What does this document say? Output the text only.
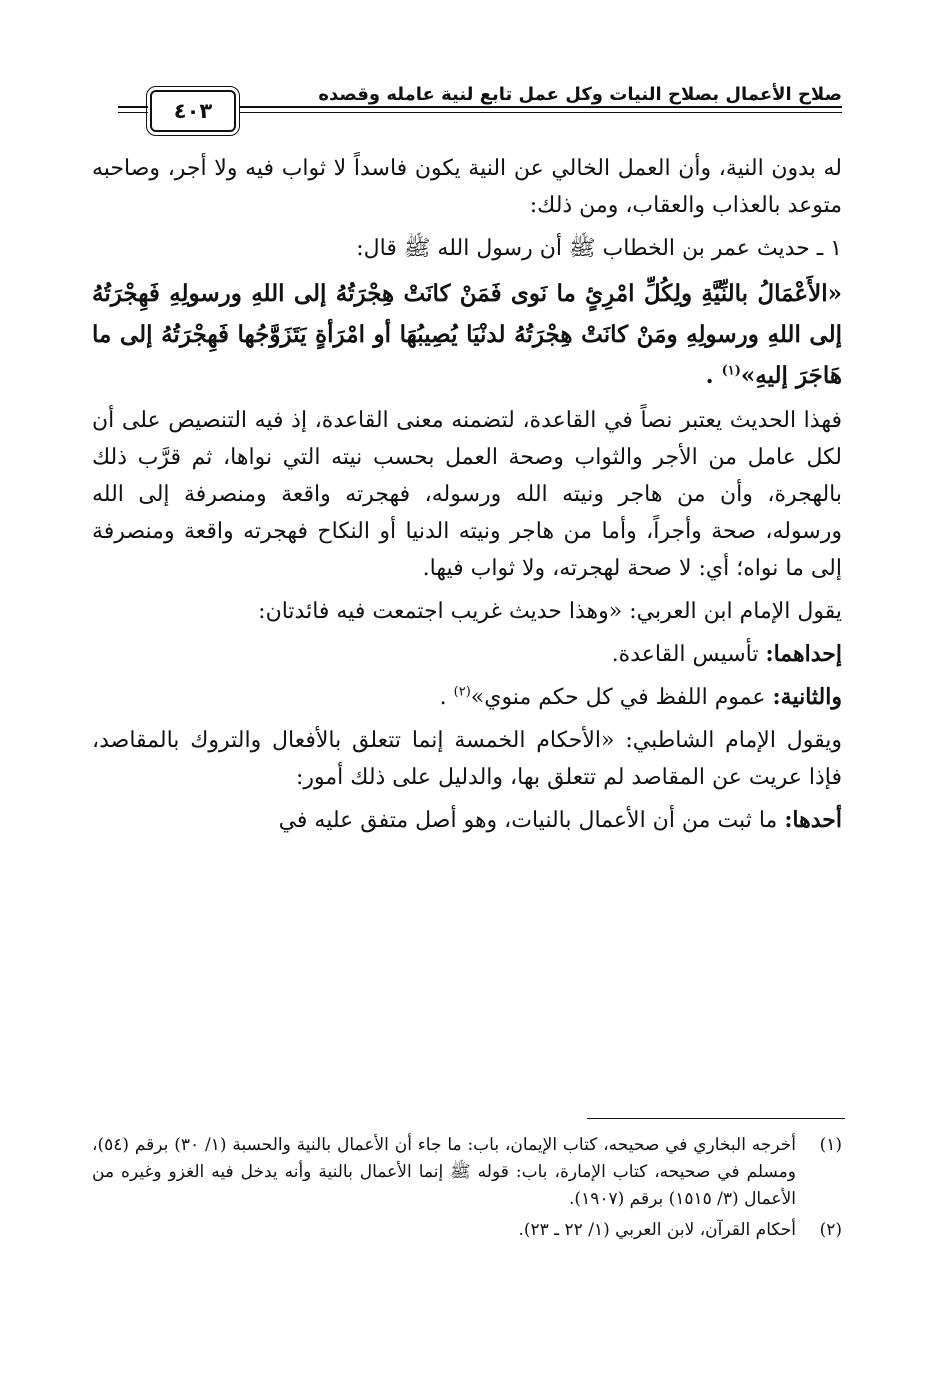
صلاح الأعمال بصلاح النيات وكل عمل تابع لنية عامله وقصده
٤٠٣

له بدون النية، وأن العمل الخالي عن النية يكون فاسداً لا ثواب فيه ولا أجر، وصاحبه متوعد بالعذاب والعقاب، ومن ذلك:

١ ـ حديث عمر بن الخطاب ﷺ أن رسول الله ﷺ قال:

«الأَعْمَالُ بالنِّيَّةِ ولِكُلِّ امْرِئٍ ما نَوى فَمَنْ كانَتْ هِجْرَتُهُ إلى اللهِ ورسولِهِ فَهِجْرَتُهُ إلى اللهِ ورسولِهِ ومَنْ كانَتْ هِجْرَتُهُ لدنْيَا يُصِيبُهَا أو امْرَأةٍ يَتَزَوَّجُها فَهِجْرَتُهُ إلى ما هَاجَرَ إليهِ»$^{(١)}$ .

فهذا الحديث يعتبر نصاً في القاعدة، لتضمنه معنى القاعدة، إذ فيه التنصيص على أن لكل عامل من الأجر والثواب وصحة العمل بحسب نيته التي نواها، ثم قرَّب ذلك بالهجرة، وأن من هاجر ونيته الله ورسوله، فهجرته واقعة ومنصرفة إلى الله ورسوله، صحة وأجراً، وأما من هاجر ونيته الدنيا أو النكاح فهجرته واقعة ومنصرفة إلى ما نواه؛ أي: لا صحة لهجرته، ولا ثواب فيها.

يقول الإمام ابن العربي: «وهذا حديث غريب اجتمعت فيه فائدتان:

إحداهما: تأسيس القاعدة.

والثانية: عموم اللفظ في كل حكم منوي»$^{(٢)}$ .

ويقول الإمام الشاطبي: «الأحكام الخمسة إنما تتعلق بالأفعال والتروك بالمقاصد، فإذا عريت عن المقاصد لم تتعلق بها، والدليل على ذلك أمور:

أحدها: ما ثبت من أن الأعمال بالنيات، وهو أصل متفق عليه في

(١)
أخرجه البخاري في صحيحه، كتاب الإيمان، باب: ما جاء أن الأعمال بالنية والحسبة (١/ ٣٠) برقم (٥٤)، ومسلم في صحيحه، كتاب الإمارة، باب: قوله ﷺ إنما الأعمال بالنية وأنه يدخل فيه الغزو وغيره من الأعمال (٣/ ١٥١٥) برقم (١٩٠٧).
(٢)
أحكام القرآن، لابن العربي (١/ ٢٢ ـ ٢٣).
